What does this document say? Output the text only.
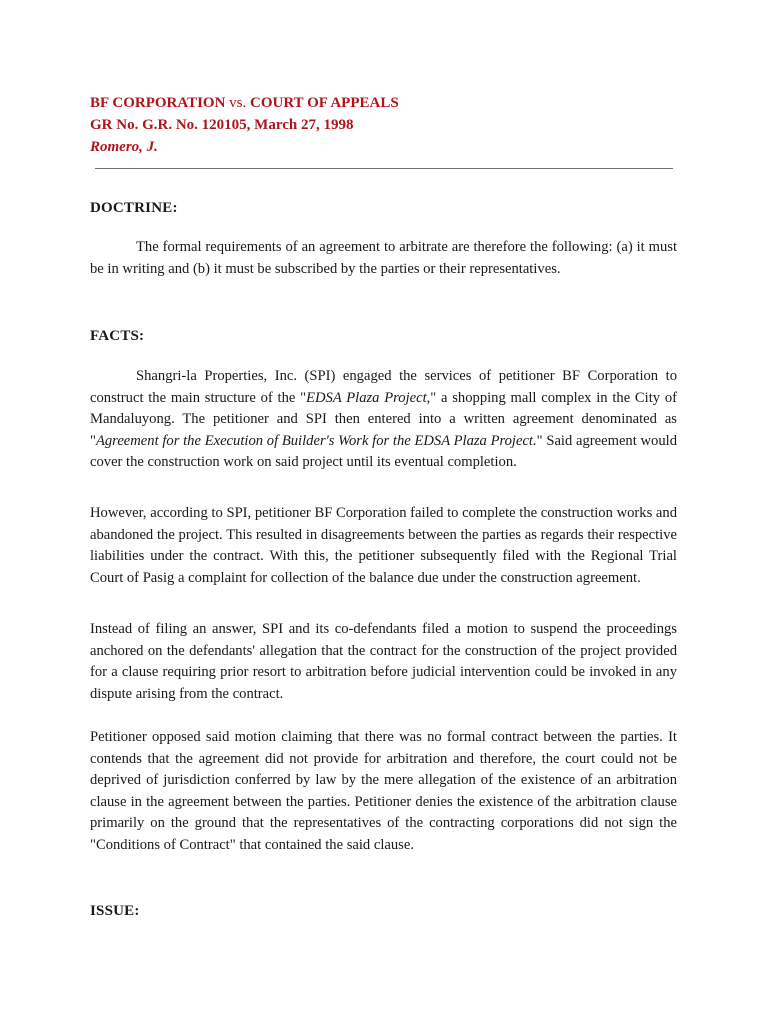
BF CORPORATION vs. COURT OF APPEALS
GR No. G.R. No. 120105, March 27, 1998
Romero, J.
DOCTRINE:

The formal requirements of an agreement to arbitrate are therefore the following: (a) it must be in writing and (b) it must be subscribed by the parties or their representatives.

FACTS:

Shangri-la Properties, Inc. (SPI) engaged the services of petitioner BF Corporation to construct the main structure of the "EDSA Plaza Project," a shopping mall complex in the City of Mandaluyong. The petitioner and SPI then entered into a written agreement denominated as "Agreement for the Execution of Builder's Work for the EDSA Plaza Project." Said agreement would cover the construction work on said project until its eventual completion.

However, according to SPI, petitioner BF Corporation failed to complete the construction works and abandoned the project. This resulted in disagreements between the parties as regards their respective liabilities under the contract. With this, the petitioner subsequently filed with the Regional Trial Court of Pasig a complaint for collection of the balance due under the construction agreement.

Instead of filing an answer, SPI and its co-defendants filed a motion to suspend the proceedings anchored on the defendants' allegation that the contract for the construction of the project provided for a clause requiring prior resort to arbitration before judicial intervention could be invoked in any dispute arising from the contract.

Petitioner opposed said motion claiming that there was no formal contract between the parties. It contends that the agreement did not provide for arbitration and therefore, the court could not be deprived of jurisdiction conferred by law by the mere allegation of the existence of an arbitration clause in the agreement between the parties. Petitioner denies the existence of the arbitration clause primarily on the ground that the representatives of the contracting corporations did not sign the "Conditions of Contract" that contained the said clause.

ISSUE:
